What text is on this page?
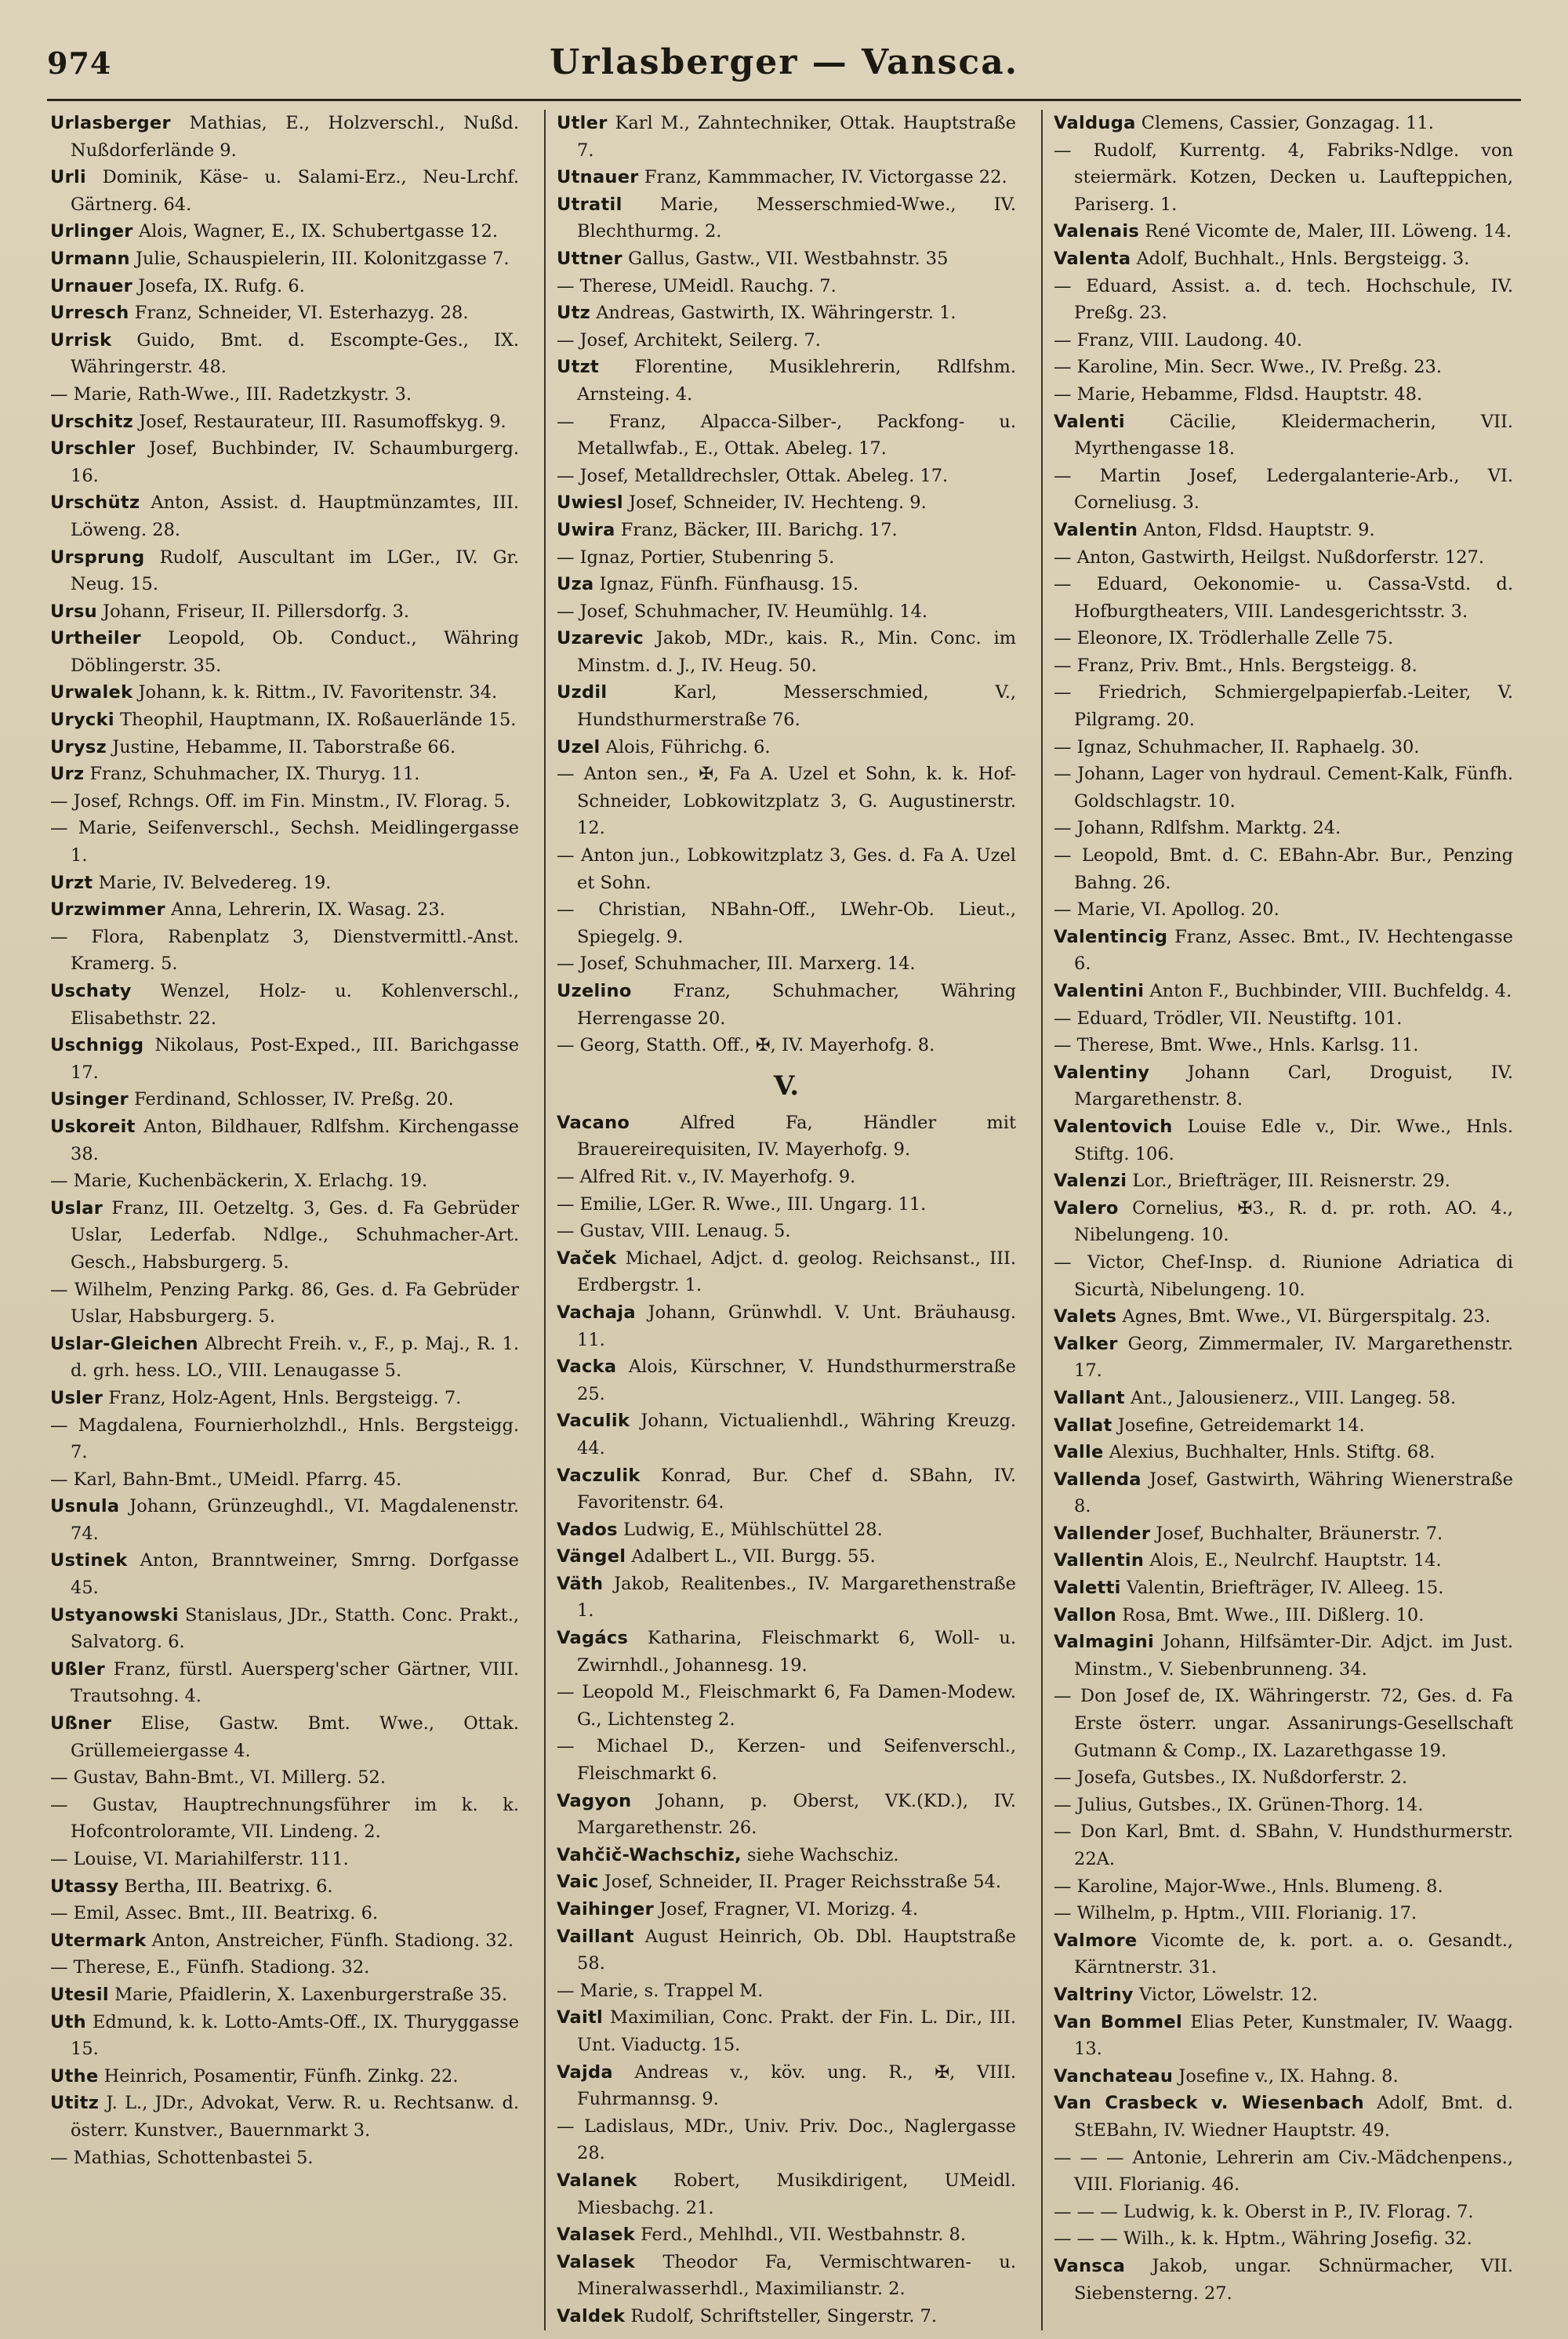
974	Urlasberger — Vansca.

Urlasberger Mathias, E., Holzverschl., Nußd. Nußdorferlände 9.

Urli Dominik, Käse- u. Salami-Erz., Neu-Lrchf. Gärtnerg. 64.

Urlinger Alois, Wagner, E., IX. Schubertgasse 12.

Urmann Julie, Schauspielerin, III. Kolonitzgasse 7.

Urnauer Josefa, IX. Rufg. 6.

Urresch Franz, Schneider, VI. Esterhazyg. 28.

Urrisk Guido, Bmt. d. Escompte-Ges., IX. Währingerstr. 48.

— Marie, Rath-Wwe., III. Radetzkystr. 3.

Urschitz Josef, Restaurateur, III. Rasumoffskyg. 9.

Urschler Josef, Buchbinder, IV. Schaumburgerg. 16.

Urschütz Anton, Assist. d. Hauptmünzamtes, III. Löweng. 28.

Ursprung Rudolf, Auscultant im LGer., IV. Gr. Neug. 15.

Ursu Johann, Friseur, II. Pillersdorfg. 3.

Urtheiler Leopold, Ob. Conduct., Währing Döblingerstr. 35.

Urwalek Johann, k. k. Rittm., IV. Favoritenstr. 34.

Urycki Theophil, Hauptmann, IX. Roßauerlände 15.

Urysz Justine, Hebamme, II. Taborstraße 66.

Urz Franz, Schuhmacher, IX. Thuryg. 11.

— Josef, Rchngs. Off. im Fin. Minstm., IV. Florag. 5.

— Marie, Seifenverschl., Sechsh. Meidlingergasse 1.

Urzt Marie, IV. Belvedereg. 19.

Urzwimmer Anna, Lehrerin, IX. Wasag. 23.

— Flora, Rabenplatz 3, Dienstvermittl.-Anst. Kramerg. 5.

Uschaty Wenzel, Holz- u. Kohlenverschl., Elisabethstr. 22.

Uschnigg Nikolaus, Post-Exped., III. Barichgasse 17.

Usinger Ferdinand, Schlosser, IV. Preßg. 20.

Uskoreit Anton, Bildhauer, Rdlfshm. Kirchengasse 38.

— Marie, Kuchenbäckerin, X. Erlachg. 19.

Uslar Franz, III. Oetzeltg. 3, Ges. d. Fa Gebrüder Uslar, Lederfab. Ndlge., Schuhmacher-Art. Gesch., Habsburgerg. 5.

— Wilhelm, Penzing Parkg. 86, Ges. d. Fa Gebrüder Uslar, Habsburgerg. 5.

Uslar-Gleichen Albrecht Freih. v., F., p. Maj., R. 1. d. grh. hess. LO., VIII. Lenaugasse 5.

Usler Franz, Holz-Agent, Hnls. Bergsteigg. 7.

— Magdalena, Fournierholzhdl., Hnls. Bergsteigg. 7.

— Karl, Bahn-Bmt., UMeidl. Pfarrg. 45.

Usnula Johann, Grünzeughdl., VI. Magdalenenstr. 74.

Ustinek Anton, Branntweiner, Smrng. Dorfgasse 45.

Ustyanowski Stanislaus, JDr., Statth. Conc. Prakt., Salvatorg. 6.

Ußler Franz, fürstl. Auersperg'scher Gärtner, VIII. Trautsohng. 4.

Ußner Elise, Gastw. Bmt. Wwe., Ottak. Grüllemeiergasse 4.

— Gustav, Bahn-Bmt., VI. Millerg. 52.

— Gustav, Hauptrechnungsführer im k. k. Hofcontroloramte, VII. Lindeng. 2.

— Louise, VI. Mariahilferstr. 111.

Utassy Bertha, III. Beatrixg. 6.

— Emil, Assec. Bmt., III. Beatrixg. 6.

Utermark Anton, Anstreicher, Fünfh. Stadiong. 32.

— Therese, E., Fünfh. Stadiong. 32.

Utesil Marie, Pfaidlerin, X. Laxenburgerstraße 35.

Uth Edmund, k. k. Lotto-Amts-Off., IX. Thuryggasse 15.

Uthe Heinrich, Posamentir, Fünfh. Zinkg. 22.

Utitz J. L., JDr., Advokat, Verw. R. u. Rechtsanw. d. österr. Kunstver., Bauernmarkt 3.

— Mathias, Schottenbastei 5.

Utler Karl M., Zahntechniker, Ottak. Hauptstraße 7.

Utnauer Franz, Kammmacher, IV. Victorgasse 22.

Utratil Marie, Messerschmied-Wwe., IV. Blechthurmg. 2.

Uttner Gallus, Gastw., VII. Westbahnstr. 35

— Therese, UMeidl. Rauchg. 7.

Utz Andreas, Gastwirth, IX. Währingerstr. 1.

— Josef, Architekt, Seilerg. 7.

Utzt Florentine, Musiklehrerin, Rdlfshm. Arnsteing. 4.

— Franz, Alpacca-Silber-, Packfong- u. Metallwfab., E., Ottak. Abeleg. 17.

— Josef, Metalldrechsler, Ottak. Abeleg. 17.

Uwiesl Josef, Schneider, IV. Hechteng. 9.

Uwira Franz, Bäcker, III. Barichg. 17.

— Ignaz, Portier, Stubenring 5.

Uza Ignaz, Fünfh. Fünfhausg. 15.

— Josef, Schuhmacher, IV. Heumühlg. 14.

Uzarevic Jakob, MDr., kais. R., Min. Conc. im Minstm. d. J., IV. Heug. 50.

Uzdil	Karl, Messerschmied, V., Hundsthurmerstraße 76.

Uzel Alois, Führichg. 6.

— Anton sen., ✠, Fa A. Uzel et Sohn, k. k. Hof-Schneider, Lobkowitzplatz 3, G. Augustinerstr. 12.

— Anton jun., Lobkowitzplatz 3, Ges. d. Fa A. Uzel et Sohn.

— Christian, NBahn-Off., LWehr-Ob. Lieut., Spiegelg. 9.

— Josef, Schuhmacher, III. Marxerg. 14.

Uzelino Franz, Schuhmacher, Währing Herrengasse 20.

— Georg, Statth. Off., ✠, IV. Mayerhofg. 8.

V.

Vacano	Alfred Fa, Händler mit Brauereirequisiten, IV. Mayerhofg. 9.

— Alfred Rit. v., IV. Mayerhofg. 9.

— Emilie, LGer. R. Wwe., III. Ungarg. 11.

— Gustav, VIII. Lenaug. 5.

Vaček Michael, Adjct. d. geolog. Reichsanst., III. Erdbergstr. 1.

Vachaja Johann, Grünwhdl. V. Unt. Bräuhausg. 11.

Vacka Alois, Kürschner, V. Hundsthurmerstraße 25.

Vaculik Johann, Victualienhdl., Währing Kreuzg. 44.

Vaczulik Konrad, Bur. Chef d. SBahn, IV. Favoritenstr. 64.

Vados Ludwig, E., Mühlschüttel 28.

Vängel Adalbert L., VII. Burgg. 55.

Väth Jakob, Realitenbes., IV. Margarethenstraße 1.

Vagács Katharina, Fleischmarkt 6, Woll- u. Zwirnhdl., Johannesg. 19.

— Leopold M., Fleischmarkt 6, Fa Damen-Modew. G., Lichtensteg 2.

— Michael D., Kerzen- und Seifenverschl., Fleischmarkt 6.

Vagyon Johann, p. Oberst, VK.(KD.), IV. Margarethenstr. 26.

Vahčič-Wachschiz, siehe Wachschiz.

Vaic Josef, Schneider, II. Prager Reichsstraße 54.

Vaihinger Josef, Fragner, VI. Morizg. 4.

Vaillant August Heinrich, Ob. Dbl. Hauptstraße 58.

— Marie, s. Trappel M.

Vaitl Maximilian, Conc. Prakt. der Fin. L. Dir., III. Unt. Viaductg. 15.

Vajda Andreas v., köv. ung. R., ✠, VIII. Fuhrmannsg. 9.

— Ladislaus, MDr., Univ. Priv. Doc., Naglergasse 28.

Valanek Robert, Musikdirigent, UMeidl. Miesbachg. 21.

Valasek Ferd., Mehlhdl., VII. Westbahnstr. 8.

Valasek Theodor Fa, Vermischtwaren- u. Mineralwasserhdl., Maximilianstr. 2.

Valdek Rudolf, Schriftsteller, Singerstr. 7.

Valduga Clemens, Cassier, Gonzagag. 11.

— Rudolf, Kurrentg. 4, Fabriks-Ndlge. von steiermärk. Kotzen, Decken u. Laufteppichen, Pariserg. 1.

Valenais René Vicomte de, Maler, III. Löweng. 14.

Valenta Adolf, Buchhalt., Hnls. Bergsteigg. 3.

— Eduard, Assist. a. d. tech. Hochschule, IV. Preßg. 23.

— Franz, VIII. Laudong. 40.

— Karoline, Min. Secr. Wwe., IV. Preßg. 23.

— Marie, Hebamme, Fldsd. Hauptstr. 48.

Valenti	Cäcilie, Kleidermacherin, VII. Myrthengasse 18.

— Martin Josef, Ledergalanterie-Arb., VI. Corneliusg. 3.

Valentin Anton, Fldsd. Hauptstr. 9.

— Anton, Gastwirth, Heilgst. Nußdorferstr. 127.

— Eduard, Oekonomie- u. Cassa-Vstd. d. Hofburgtheaters, VIII. Landesgerichtsstr. 3.

— Eleonore, IX. Trödlerhalle Zelle 75.

— Franz, Priv. Bmt., Hnls. Bergsteigg. 8.

— Friedrich, Schmiergelpapierfab.-Leiter, V. Pilgramg. 20.

— Ignaz, Schuhmacher, II. Raphaelg. 30.

— Johann, Lager von hydraul. Cement-Kalk, Fünfh. Goldschlagstr. 10.

— Johann, Rdlfshm. Marktg. 24.

— Leopold, Bmt. d. C. EBahn-Abr. Bur., Penzing Bahng. 26.

— Marie, VI. Apollog. 20.

Valentincig Franz, Assec. Bmt., IV. Hechtengasse 6.

Valentini Anton F., Buchbinder, VIII. Buchfeldg. 4.

— Eduard, Trödler, VII. Neustiftg. 101.

— Therese, Bmt. Wwe., Hnls. Karlsg. 11.

Valentiny Johann Carl, Droguist, IV. Margarethenstr. 8.

Valentovich Louise Edle v., Dir. Wwe., Hnls. Stiftg. 106.

Valenzi Lor., Briefträger, III. Reisnerstr. 29.

Valero Cornelius, ✠3., R. d. pr. roth. AO. 4., Nibelungeng. 10.

— Victor, Chef-Insp. d. Riunione Adriatica di Sicurtà, Nibelungeng. 10.

Valets Agnes, Bmt. Wwe., VI. Bürgerspitalg. 23.

Valker Georg, Zimmermaler, IV. Margarethenstr. 17.

Vallant Ant., Jalousienerz., VIII. Langeg. 58.

Vallat Josefine, Getreidemarkt 14.

Valle Alexius, Buchhalter, Hnls. Stiftg. 68.

Vallenda Josef, Gastwirth, Währing Wienerstraße 8.

Vallender Josef, Buchhalter, Bräunerstr. 7.

Vallentin Alois, E., Neulrchf. Hauptstr. 14.

Valetti Valentin, Briefträger, IV. Alleeg. 15.

Vallon Rosa, Bmt. Wwe., III. Dißlerg. 10.

Valmagini Johann, Hilfsämter-Dir. Adjct. im Just. Minstm., V. Siebenbrunneng. 34.

— Don Josef de, IX. Währingerstr. 72, Ges. d. Fa Erste österr. ungar. Assanirungs-Gesellschaft Gutmann & Comp., IX. Lazarethgasse 19.

— Josefa, Gutsbes., IX. Nußdorferstr. 2.

— Julius, Gutsbes., IX. Grünen-Thorg. 14.

— Don Karl, Bmt. d. SBahn, V. Hundsthurmerstr. 22A.

— Karoline, Major-Wwe., Hnls. Blumeng. 8.

— Wilhelm, p. Hptm., VIII. Florianig. 17.

Valmore Vicomte de, k. port. a. o. Gesandt., Kärntnerstr. 31.

Valtriny Victor, Löwelstr. 12.

Van Bommel Elias Peter, Kunstmaler, IV. Waagg. 13.

Vanchateau Josefine v., IX. Hahng. 8.

Van Crasbeck v. Wiesenbach Adolf, Bmt. d. StEBahn, IV. Wiedner Hauptstr. 49.

— — — Antonie, Lehrerin am Civ.-Mädchenpens., VIII. Florianig. 46.

— — — Ludwig, k. k. Oberst in P., IV. Florag. 7.

— — — Wilh., k. k. Hptm., Währing Josefig. 32.

Vansca Jakob, ungar. Schnürmacher, VII. Siebensterng. 27.
